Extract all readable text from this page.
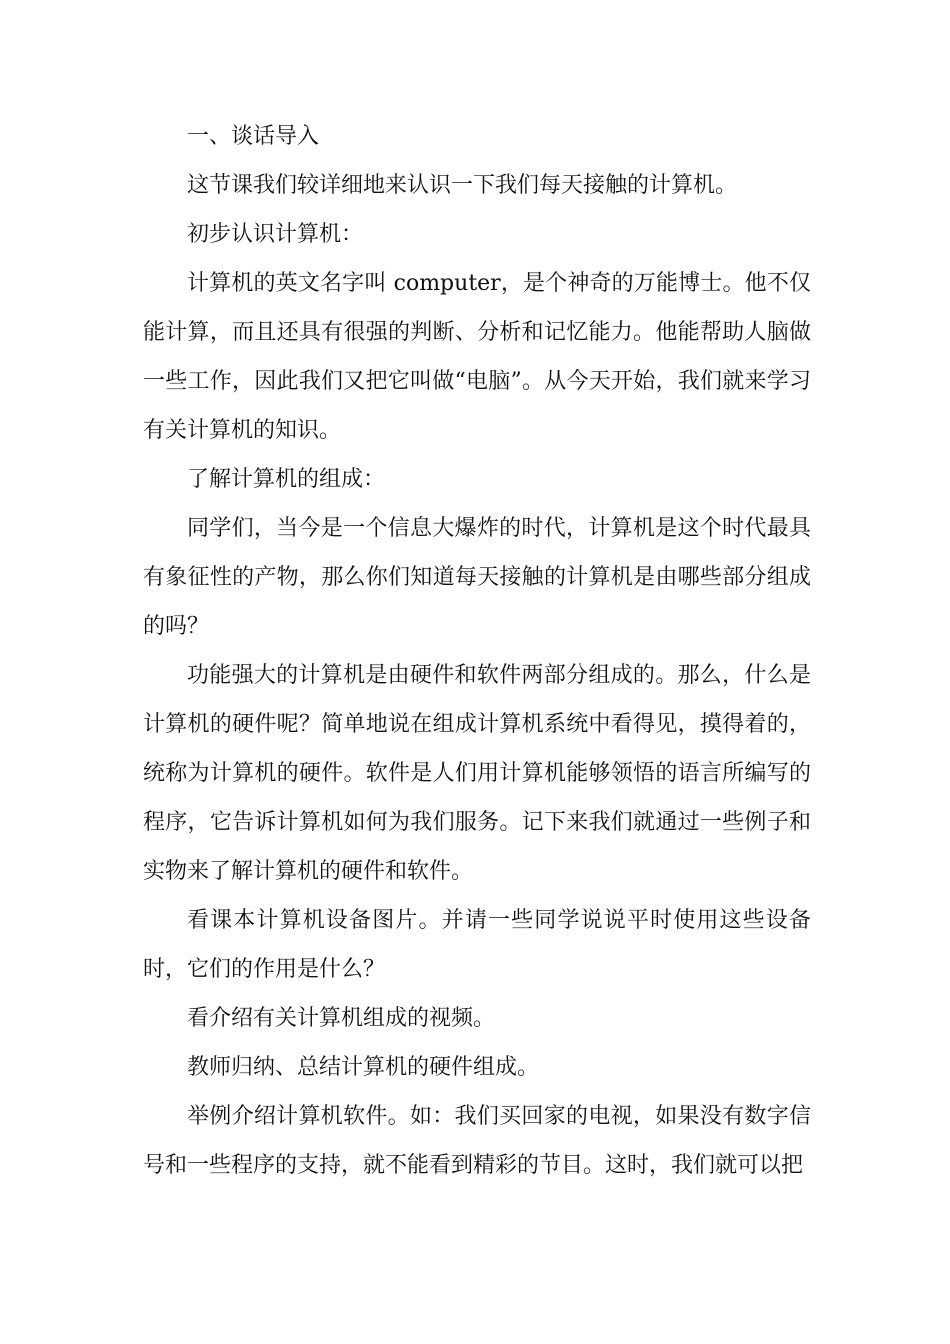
一、谈话导入

这节课我们较详细地来认识一下我们每天接触的计算机。

初步认识计算机：

计算机的英文名字叫 computer，是个神奇的万能博士。他不仅能计算，而且还具有很强的判断、分析和记忆能力。他能帮助人脑做一些工作，因此我们又把它叫做“电脑”。从今天开始，我们就来学习有关计算机的知识。

了解计算机的组成：

同学们，当今是一个信息大爆炸的时代，计算机是这个时代最具有象征性的产物，那么你们知道每天接触的计算机是由哪些部分组成的吗？

功能强大的计算机是由硬件和软件两部分组成的。那么，什么是计算机的硬件呢？简单地说在组成计算机系统中看得见，摸得着的，统称为计算机的硬件。软件是人们用计算机能够领悟的语言所编写的程序，它告诉计算机如何为我们服务。记下来我们就通过一些例子和实物来了解计算机的硬件和软件。

看课本计算机设备图片。并请一些同学说说平时使用这些设备时，它们的作用是什么？

看介绍有关计算机组成的视频。

教师归纳、总结计算机的硬件组成。

举例介绍计算机软件。如：我们买回家的电视，如果没有数字信号和一些程序的支持，就不能看到精彩的节目。这时，我们就可以把
